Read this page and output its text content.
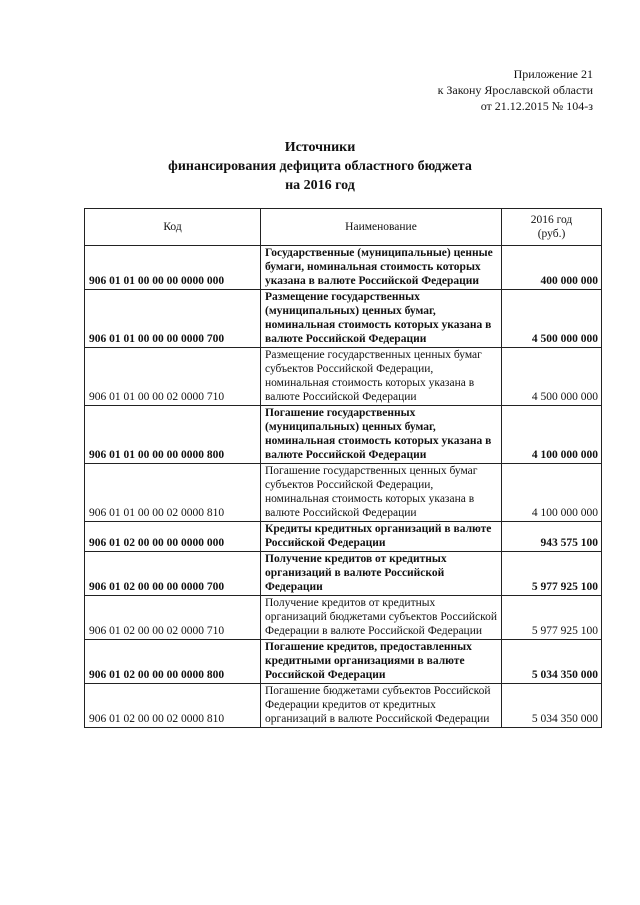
Приложение 21
к Закону Ярославской области
от 21.12.2015 № 104-з
Источники
финансирования дефицита областного бюджета
на 2016 год
Код	Наименование	2016 год
(руб.)

906 01 01 00 00 00 0000 000	Государственные (муниципальные) ценные бумаги, номинальная стоимость которых указана в валюте Российской Федерации	400 000 000
906 01 01 00 00 00 0000 700	Размещение государственных (муниципальных) ценных бумаг, номинальная стоимость которых указана в валюте Российской Федерации	4 500 000 000
906 01 01 00 00 02 0000 710	Размещение государственных ценных бумаг субъектов Российской Федерации, номинальная стоимость которых указана в валюте Российской Федерации	4 500 000 000
906 01 01 00 00 00 0000 800	Погашение государственных (муниципальных) ценных бумаг, номинальная стоимость которых указана в валюте Российской Федерации	4 100 000 000
906 01 01 00 00 02 0000 810	Погашение государственных ценных бумаг субъектов Российской Федерации, номинальная стоимость которых указана в валюте Российской Федерации	4 100 000 000
906 01 02 00 00 00 0000 000	Кредиты кредитных организаций в валюте Российской Федерации	943 575 100
906 01 02 00 00 00 0000 700	Получение кредитов от кредитных организаций в валюте Российской Федерации	5 977 925 100
906 01 02 00 00 02 0000 710	Получение кредитов от кредитных организаций бюджетами субъектов Российской Федерации в валюте Российской Федерации	5 977 925 100
906 01 02 00 00 00 0000 800	Погашение кредитов, предоставленных кредитными организациями в валюте Российской Федерации	5 034 350 000
906 01 02 00 00 02 0000 810	Погашение бюджетами субъектов Российской Федерации кредитов от кредитных организаций в валюте Российской Федерации	5 034 350 000
